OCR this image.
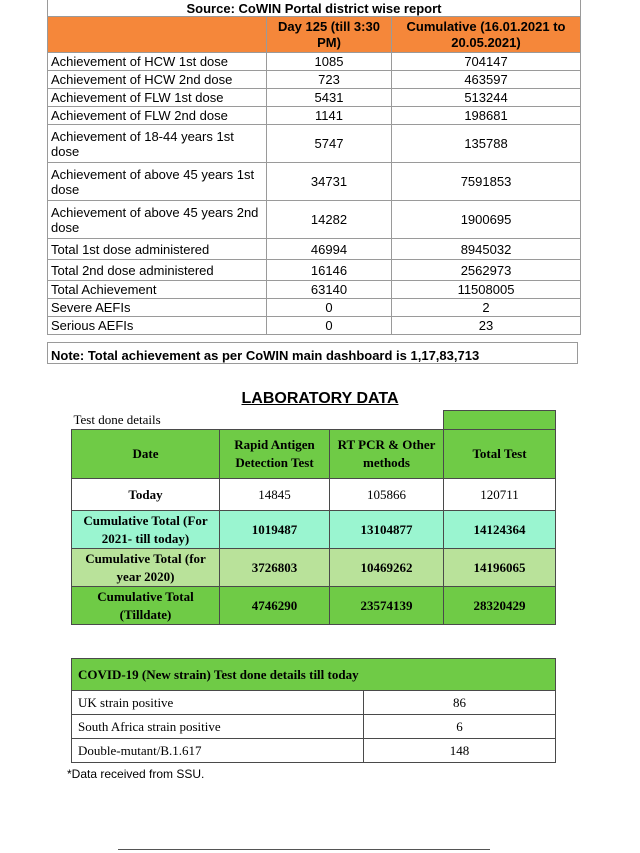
Source: CoWIN Portal district wise report		
	Day 125 (till 3:30 PM)	Cumulative (16.01.2021 to 20.05.2021)
Achievement of HCW 1st dose	1085	704147
Achievement of HCW 2nd dose	723	463597
Achievement of FLW 1st dose	5431	513244
Achievement of FLW 2nd dose	1141	198681
Achievement of 18-44 years 1st dose	5747	135788
Achievement of above 45 years 1st dose	34731	7591853
Achievement of above 45 years 2nd dose	14282	1900695
Total 1st dose administered	46994	8945032
Total 2nd dose administered	16146	2562973
Total Achievement	63140	11508005
Severe AEFIs	0	2
Serious AEFIs	0	23
Note: Total achievement as per CoWIN main dashboard is 1,17,83,713
LABORATORY DATA
Test done details			
Date	Rapid Antigen Detection Test	RT PCR & Other methods	Total Test
Today	14845	105866	120711
Cumulative Total (For 2021- till today)	1019487	13104877	14124364
Cumulative Total (for year 2020)	3726803	10469262	14196065
Cumulative Total (Tilldate)	4746290	23574139	28320429
COVID-19 (New strain) Test done details till today	
UK strain positive	86
South Africa strain positive	6
Double-mutant/B.1.617	148
*Data received from SSU.
